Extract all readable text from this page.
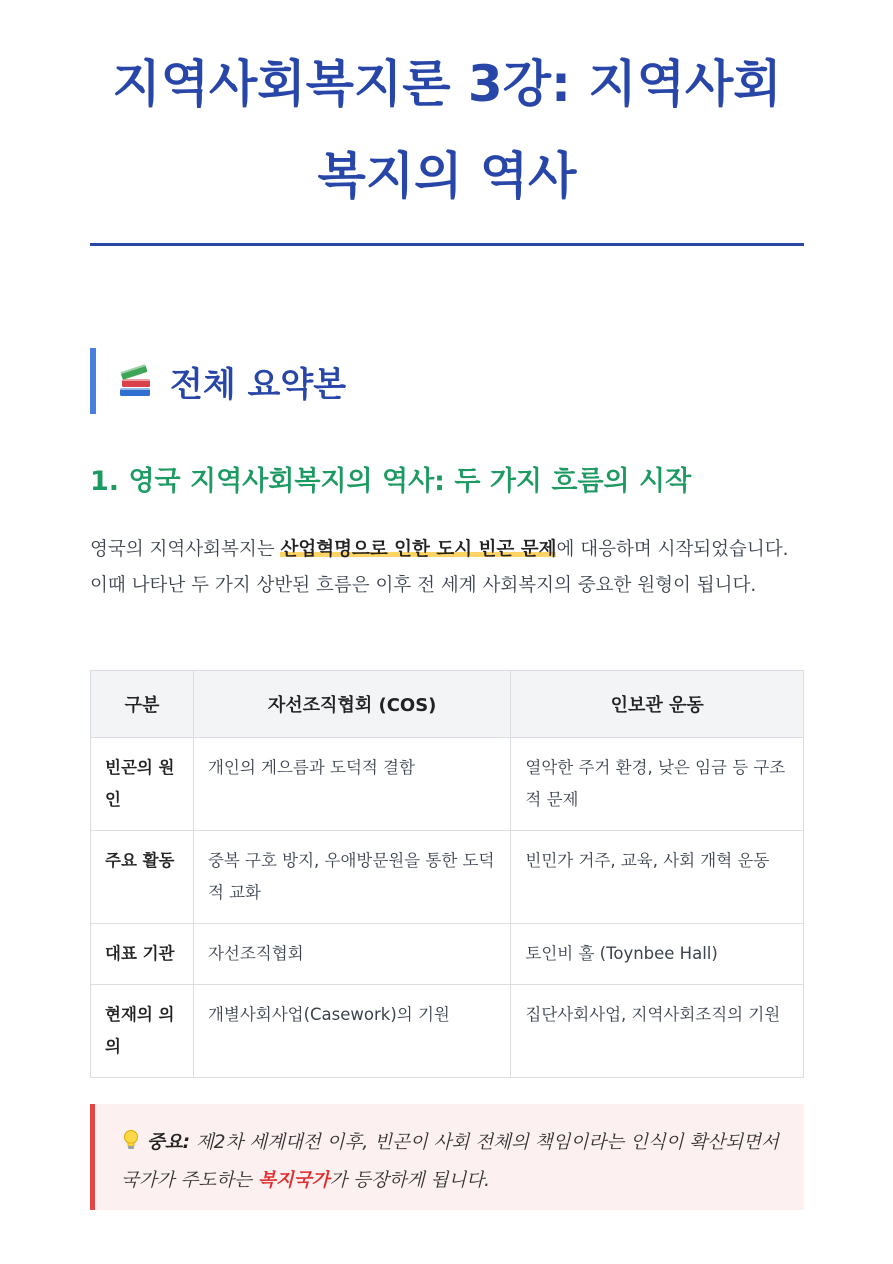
지역사회복지론 3강: 지역사회
복지의 역사
전체 요약본
1. 영국 지역사회복지의 역사: 두 가지 흐름의 시작

영국의 지역사회복지는 산업혁명으로 인한 도시 빈곤 문제에 대응하며 시작되었습니다. 이때 나타난 두 가지 상반된 흐름은 이후 전 세계 사회복지의 중요한 원형이 됩니다.

구분	자선조직협회 (COS)	인보관 운동
빈곤의 원인	개인의 게으름과 도덕적 결함	열악한 주거 환경, 낮은 임금 등 구조적 문제
주요 활동	중복 구호 방지, 우애방문원을 통한 도덕적 교화	빈민가 거주, 교육, 사회 개혁 운동
대표 기관	자선조직협회	토인비 홀 (Toynbee Hall)
현재의 의의	개별사회사업(Casework)의 기원	집단사회사업, 지역사회조직의 기원
중요: 제2차 세계대전 이후, 빈곤이 사회 전체의 책임이라는 인식이 확산되면서 국가가 주도하는 복지국가가 등장하게 됩니다.
